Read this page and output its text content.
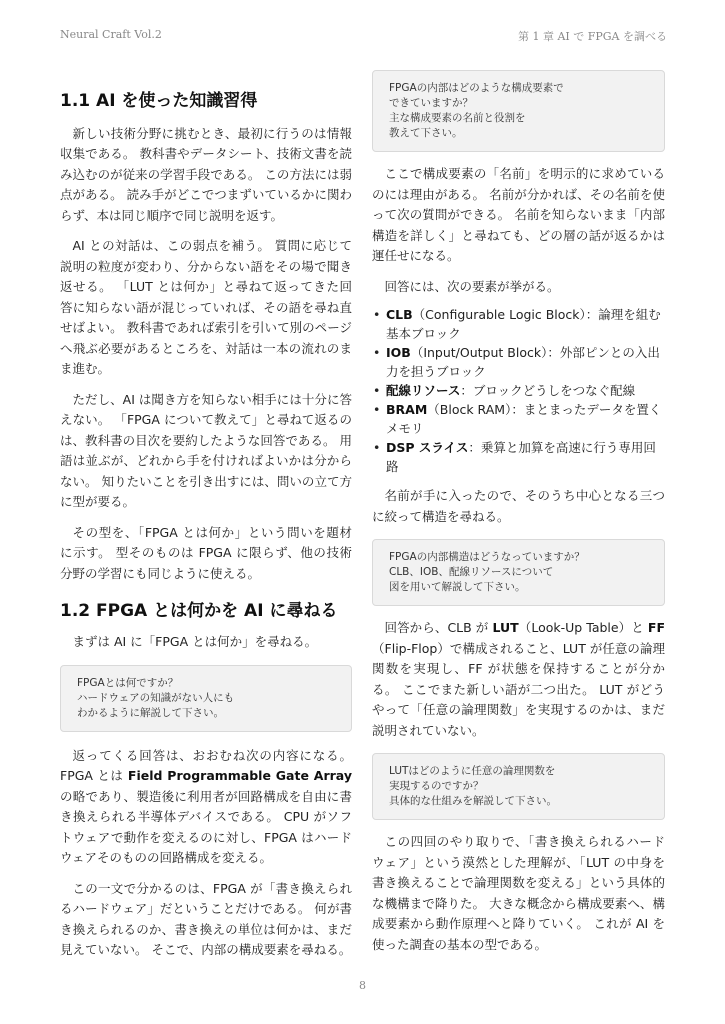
Neural Craft Vol.2	第 1 章 AI で FPGA を調べる
1.1 AI を使った知識習得

新しい技術分野に挑むとき、最初に行うのは情報収集である。 教科書やデータシート、技術文書を読み込むのが従来の学習手段である。 この方法には弱点がある。 読み手がどこでつまずいているかに関わらず、本は同じ順序で同じ説明を返す。

AI との対話は、この弱点を補う。 質問に応じて説明の粒度が変わり、分からない語をその場で聞き返せる。 「LUT とは何か」と尋ねて返ってきた回答に知らない語が混じっていれば、その語を尋ね直せばよい。 教科書であれば索引を引いて別のページへ飛ぶ必要があるところを、対話は一本の流れのまま進む。

ただし、AI は聞き方を知らない相手には十分に答えない。 「FPGA について教えて」と尋ねて返るのは、教科書の目次を要約したような回答である。 用語は並ぶが、どれから手を付ければよいかは分からない。 知りたいことを引き出すには、問いの立て方に型が要る。

その型を、「FPGA とは何か」という問いを題材に示す。 型そのものは FPGA に限らず、他の技術分野の学習にも同じように使える。

1.2 FPGA とは何かを AI に尋ねる

まずは AI に「FPGA とは何か」を尋ねる。

FPGAとは何ですか？
ハードウェアの知識がない人にも
わかるように解説して下さい。

返ってくる回答は、おおむね次の内容になる。 FPGA とは Field Programmable Gate Array の略であり、製造後に利用者が回路構成を自由に書き換えられる半導体デバイスである。 CPU がソフトウェアで動作を変えるのに対し、FPGA はハードウェアそのものの回路構成を変える。

この一文で分かるのは、FPGA が「書き換えられるハードウェア」だということだけである。 何が書き換えられるのか、書き換えの単位は何かは、まだ見えていない。 そこで、内部の構成要素を尋ねる。

FPGAの内部はどのような構成要素で
できていますか？
主な構成要素の名前と役割を
教えて下さい。

ここで構成要素の「名前」を明示的に求めているのには理由がある。 名前が分かれば、その名前を使って次の質問ができる。 名前を知らないまま「内部構造を詳しく」と尋ねても、どの層の話が返るかは運任せになる。

回答には、次の要素が挙がる。

• CLB（Configurable Logic Block）：論理を組む基本ブロック
• IOB（Input/Output Block）：外部ピンとの入出力を担うブロック
• 配線リソース：ブロックどうしをつなぐ配線
• BRAM（Block RAM）：まとまったデータを置くメモリ
• DSP スライス：乗算と加算を高速に行う専用回路

名前が手に入ったので、そのうち中心となる三つに絞って構造を尋ねる。

FPGAの内部構造はどうなっていますか？
CLB、IOB、配線リソースについて
図を用いて解説して下さい。

回答から、CLB が LUT（Look-Up Table）と FF（Flip-Flop）で構成されること、LUT が任意の論理関数を実現し、FF が状態を保持することが分かる。 ここでまた新しい語が二つ出た。 LUT がどうやって「任意の論理関数」を実現するのかは、まだ説明されていない。

LUTはどのように任意の論理関数を
実現するのですか？
具体的な仕組みを解説して下さい。

この四回のやり取りで、「書き換えられるハードウェア」という漠然とした理解が、「LUT の中身を書き換えることで論理関数を変える」という具体的な機構まで降りた。 大きな概念から構成要素へ、構成要素から動作原理へと降りていく。 これが AI を使った調査の基本の型である。

8
